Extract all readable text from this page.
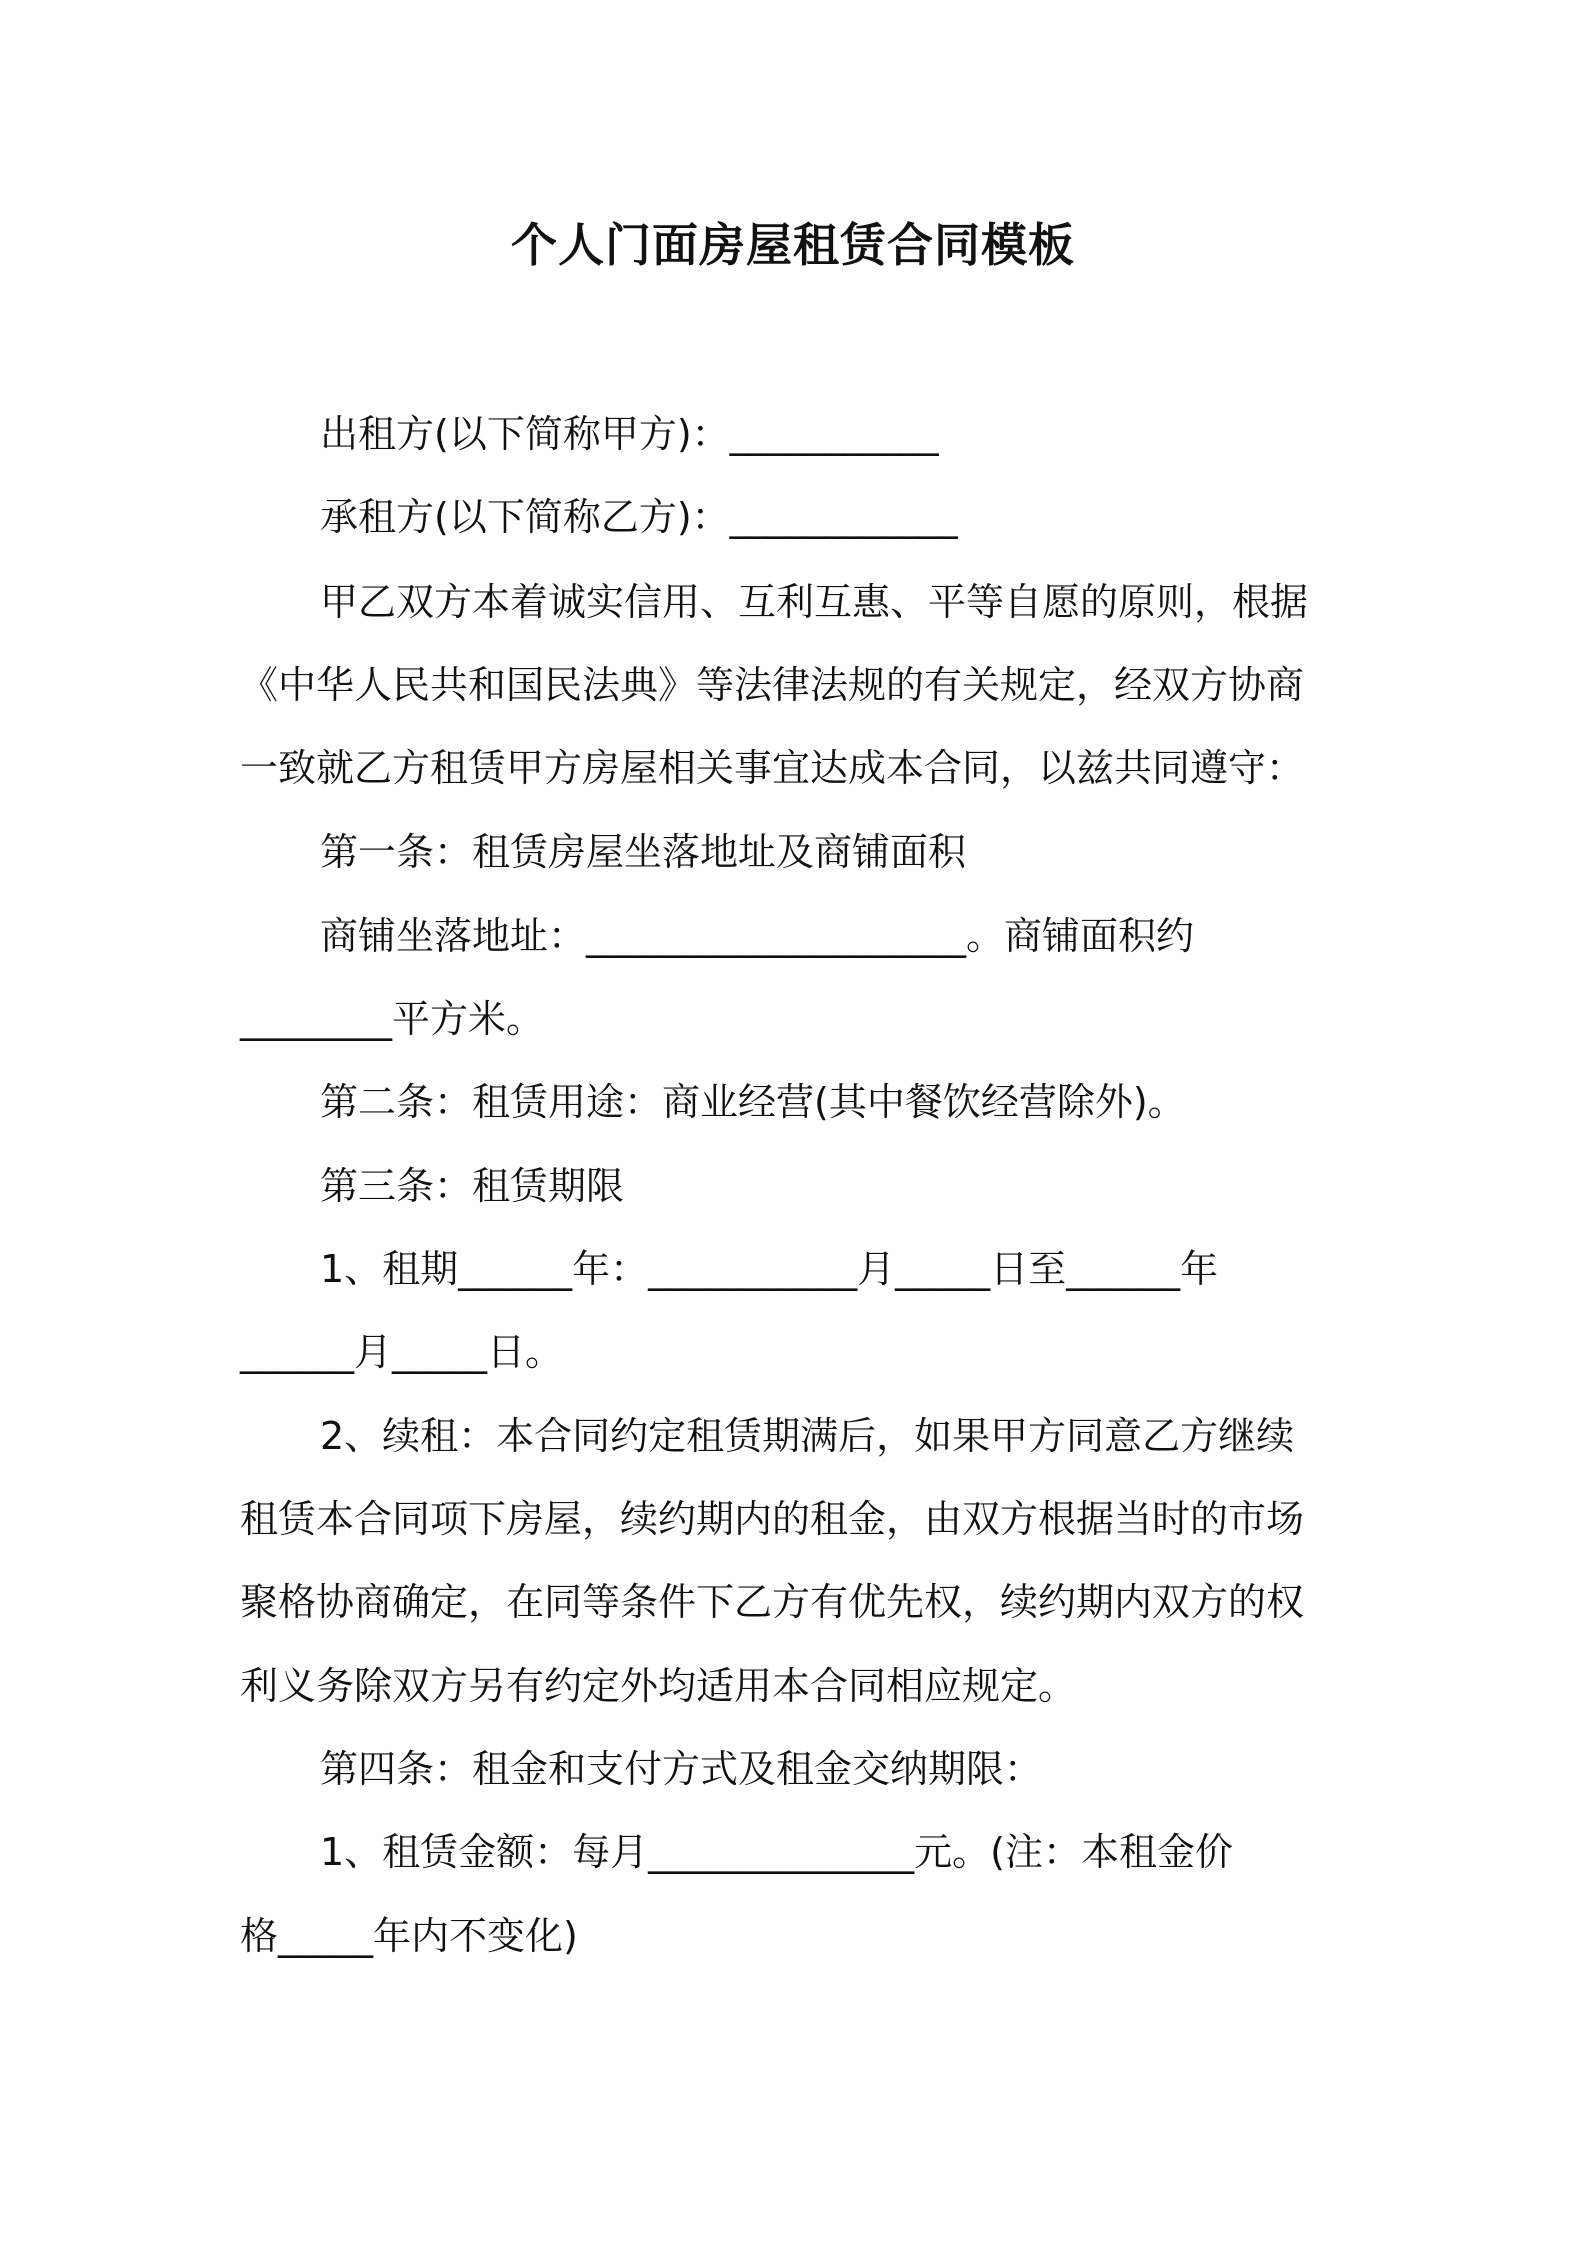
个人门面房屋租赁合同模板
出租方(以下简称甲方)：___________
承租方(以下简称乙方)：____________
甲乙双方本着诚实信用、互利互惠、平等自愿的原则，根据
《中华人民共和国民法典》等法律法规的有关规定，经双方协商
一致就乙方租赁甲方房屋相关事宜达成本合同，以兹共同遵守：
第一条：租赁房屋坐落地址及商铺面积
商铺坐落地址：____________________。商铺面积约
________平方米。
第二条：租赁用途：商业经营(其中餐饮经营除外)。
第三条：租赁期限
1、租期______年：___________月_____日至______年
______月_____日。
2、续租：本合同约定租赁期满后，如果甲方同意乙方继续
租赁本合同项下房屋，续约期内的租金，由双方根据当时的市场
聚格协商确定，在同等条件下乙方有优先权，续约期内双方的权
利义务除双方另有约定外均适用本合同相应规定。
第四条：租金和支付方式及租金交纳期限：
1、租赁金额：每月______________元。(注：本租金价
格_____年内不变化)
